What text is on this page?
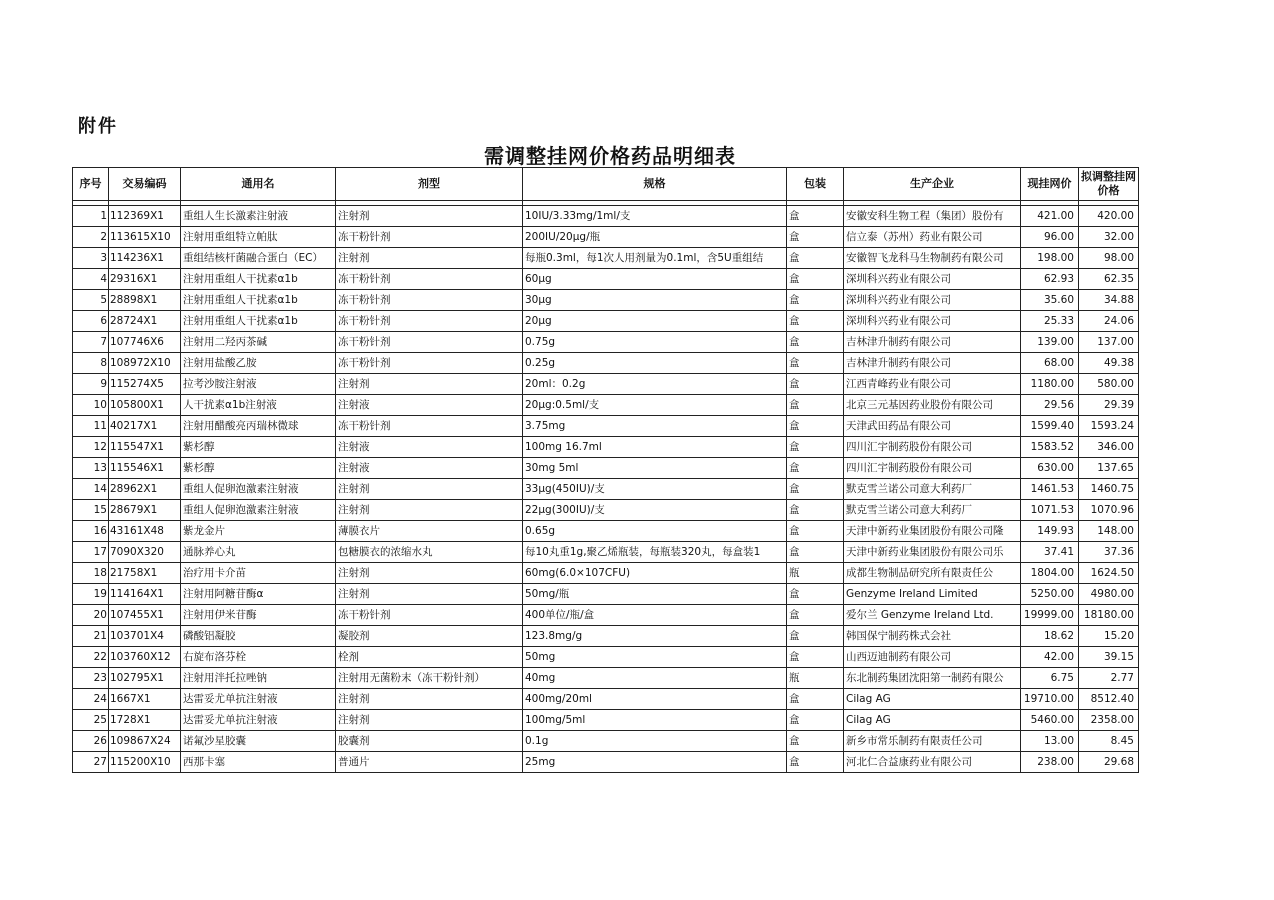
附件
需调整挂网价格药品明细表
序号	交易编码	通用名	剂型	规格	包装	生产企业	现挂网价	拟调整挂网价格

1	112369X1	重组人生长激素注射液	注射剂	10IU/3.33mg/1ml/支	盒	安徽安科生物工程（集团）股份有	421.00	420.00
2	113615X10	注射用重组特立帕肽	冻干粉针剂	200IU/20μg/瓶	盒	信立泰（苏州）药业有限公司	96.00	32.00
3	114236X1	重组结核杆菌融合蛋白（EC）	注射剂	每瓶0.3ml，每1次人用剂量为0.1ml，含5U重组结	盒	安徽智飞龙科马生物制药有限公司	198.00	98.00
4	29316X1	注射用重组人干扰素α1b	冻干粉针剂	60μg	盒	深圳科兴药业有限公司	62.93	62.35
5	28898X1	注射用重组人干扰素α1b	冻干粉针剂	30μg	盒	深圳科兴药业有限公司	35.60	34.88
6	28724X1	注射用重组人干扰素α1b	冻干粉针剂	20μg	盒	深圳科兴药业有限公司	25.33	24.06
7	107746X6	注射用二羟丙茶碱	冻干粉针剂	0.75g	盒	吉林津升制药有限公司	139.00	137.00
8	108972X10	注射用盐酸乙胺	冻干粉针剂	0.25g	盒	吉林津升制药有限公司	68.00	49.38
9	115274X5	拉考沙胺注射液	注射剂	20ml：0.2g	盒	江西青峰药业有限公司	1180.00	580.00
10	105800X1	人干扰素α1b注射液	注射液	20μg:0.5ml/支	盒	北京三元基因药业股份有限公司	29.56	29.39
11	40217X1	注射用醋酸亮丙瑞林微球	冻干粉针剂	3.75mg	盒	天津武田药品有限公司	1599.40	1593.24
12	115547X1	紫杉醇	注射液	100mg 16.7ml	盒	四川汇宇制药股份有限公司	1583.52	346.00
13	115546X1	紫杉醇	注射液	30mg 5ml	盒	四川汇宇制药股份有限公司	630.00	137.65
14	28962X1	重组人促卵泡激素注射液	注射剂	33μg(450IU)/支	盒	默克雪兰诺公司意大利药厂	1461.53	1460.75
15	28679X1	重组人促卵泡激素注射液	注射剂	22μg(300IU)/支	盒	默克雪兰诺公司意大利药厂	1071.53	1070.96
16	43161X48	紫龙金片	薄膜衣片	0.65g	盒	天津中新药业集团股份有限公司隆	149.93	148.00
17	7090X320	通脉养心丸	包糖膜衣的浓缩水丸	每10丸重1g,聚乙烯瓶装，每瓶装320丸，每盒装1	盒	天津中新药业集团股份有限公司乐	37.41	37.36
18	21758X1	治疗用卡介苗	注射剂	60mg(6.0×107CFU)	瓶	成都生物制品研究所有限责任公	1804.00	1624.50
19	114164X1	注射用阿糖苷酶α	注射剂	50mg/瓶	盒	Genzyme Ireland Limited	5250.00	4980.00
20	107455X1	注射用伊米苷酶	冻干粉针剂	400单位/瓶/盒	盒	爱尔兰 Genzyme Ireland Ltd.	19999.00	18180.00
21	103701X4	磷酸铝凝胶	凝胶剂	123.8mg/g	盒	韩国保宁制药株式会社	18.62	15.20
22	103760X12	右旋布洛芬栓	栓剂	50mg	盒	山西迈迪制药有限公司	42.00	39.15
23	102795X1	注射用泮托拉唑钠	注射用无菌粉末（冻干粉针剂）	40mg	瓶	东北制药集团沈阳第一制药有限公	6.75	2.77
24	1667X1	达雷妥尤单抗注射液	注射剂	400mg/20ml	盒	Cilag AG	19710.00	8512.40
25	1728X1	达雷妥尤单抗注射液	注射剂	100mg/5ml	盒	Cilag AG	5460.00	2358.00
26	109867X24	诺氟沙星胶囊	胶囊剂	0.1g	盒	新乡市常乐制药有限责任公司	13.00	8.45
27	115200X10	西那卡塞	普通片	25mg	盒	河北仁合益康药业有限公司	238.00	29.68
